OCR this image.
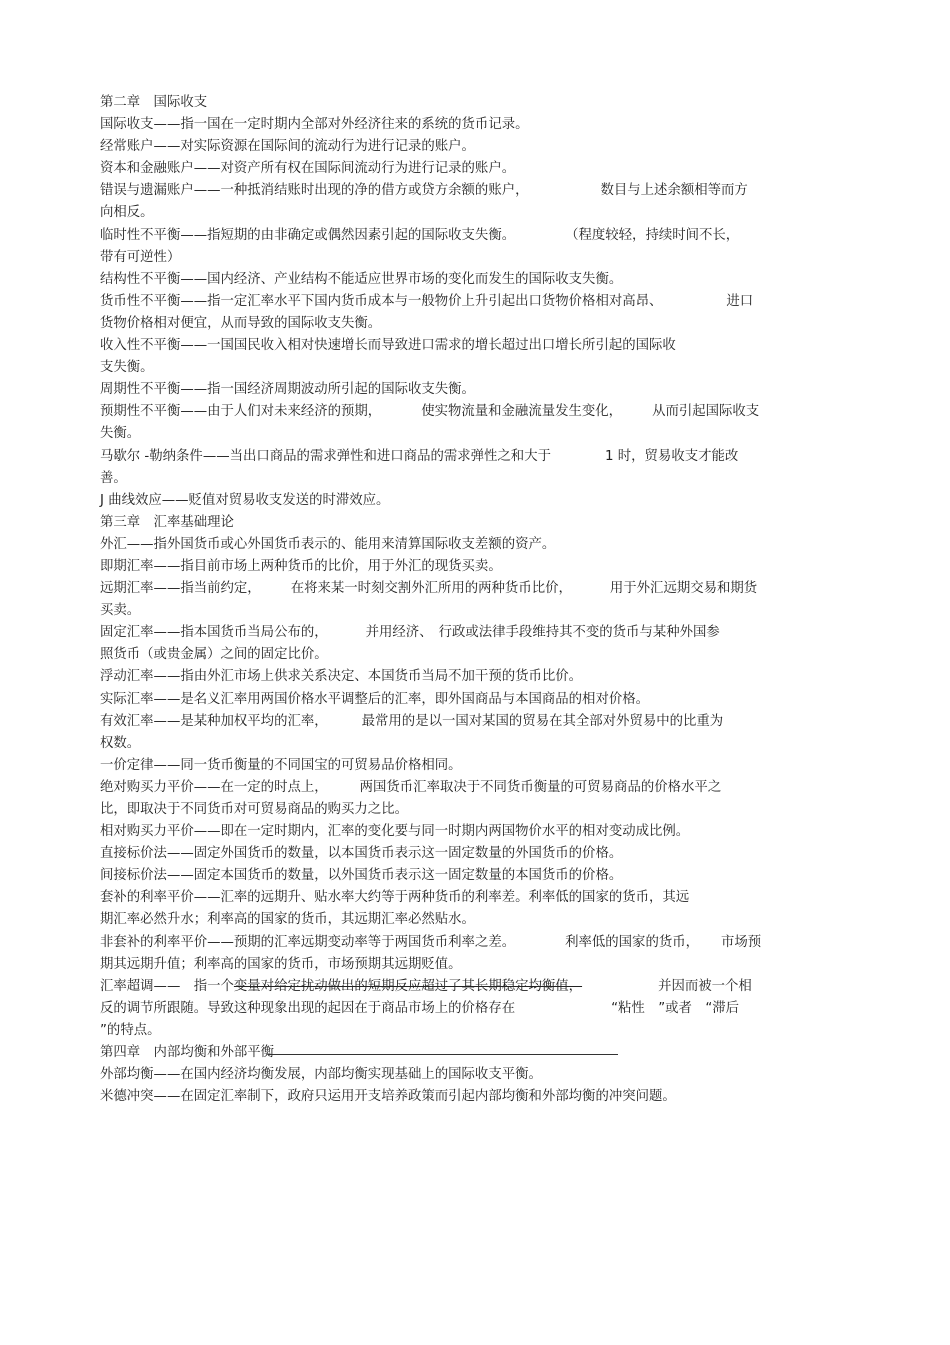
第二章　国际收支
国际收支——指一国在一定时期内全部对外经济往来的系统的货币记录。
经常账户——对实际资源在国际间的流动行为进行记录的账户。
资本和金融账户——对资产所有权在国际间流动行为进行记录的账户。
错误与遗漏账户——一种抵消结账时出现的净的借方或贷方余额的账户，	数目与上述余额相等而方
向相反。
临时性不平衡——指短期的由非确定或偶然因素引起的国际收支失衡。	（程度较轻，持续时间不长，
带有可逆性）
结构性不平衡——国内经济、产业结构不能适应世界市场的变化而发生的国际收支失衡。
货币性不平衡——指一定汇率水平下国内货币成本与一般物价上升引起出口货物价格相对高昂、	进口
货物价格相对便宜，从而导致的国际收支失衡。
收入性不平衡——一国国民收入相对快速增长而导致进口需求的增长超过出口增长所引起的国际收
支失衡。
周期性不平衡——指一国经济周期波动所引起的国际收支失衡。
预期性不平衡——由于人们对未来经济的预期，	使实物流量和金融流量发生变化， 从而引起国际收支
失衡。
马歇尔 -勒纳条件——当出口商品的需求弹性和进口商品的需求弹性之和大于	1 时，贸易收支才能改
善。
J 曲线效应——贬值对贸易收支发送的时滞效应。
第三章　汇率基础理论
外汇——指外国货币或心外国货币表示的、能用来清算国际收支差额的资产。
即期汇率——指目前市场上两种货币的比价，用于外汇的现货买卖。
远期汇率——指当前约定， 在将来某一时刻交割外汇所用的两种货币比价，	用于外汇远期交易和期货
买卖。
固定汇率——指本国货币当局公布的，	并用经济、 行政或法律手段维持其不变的货币与某种外国参
照货币（或贵金属）之间的固定比价。
浮动汇率——指由外汇市场上供求关系决定、本国货币当局不加干预的货币比价。
实际汇率——是名义汇率用两国价格水平调整后的汇率，即外国商品与本国商品的相对价格。
有效汇率——是某种加权平均的汇率，	最常用的是以一国对某国的贸易在其全部对外贸易中的比重为
权数。
一价定律——同一货币衡量的不同国宝的可贸易品价格相同。
绝对购买力平价——在一定的时点上， 两国货币汇率取决于不同货币衡量的可贸易商品的价格水平之
比，即取决于不同货币对可贸易商品的购买力之比。
相对购买力平价——即在一定时期内，汇率的变化要与同一时期内两国物价水平的相对变动成比例。
直接标价法——固定外国货币的数量，以本国货币表示这一固定数量的外国货币的价格。
间接标价法——固定本国货币的数量，以外国货币表示这一固定数量的本国货币的价格。
套补的利率平价——汇率的远期升、贴水率大约等于两种货币的利率差。利率低的国家的货币，其远
期汇率必然升水；利率高的国家的货币，其远期汇率必然贴水。
非套补的利率平价——预期的汇率远期变动率等于两国货币利率之差。	利率低的国家的货币， 市场预
期其远期升值；利率高的国家的货币，市场预期其远期贬值。
汇率超调——　指一个变量对给定扰动做出的短期反应超过了其长期稳定均衡值，	并因而被一个相
反的调节所跟随。导致这种现象出现的起因在于商品市场上的价格存在	“粘性　”或者　“滞后
”的特点。
第四章　内部均衡和外部平衡
外部均衡——在国内经济均衡发展，内部均衡实现基础上的国际收支平衡。
米德冲突——在固定汇率制下，政府只运用开支培养政策而引起内部均衡和外部均衡的冲突问题。
